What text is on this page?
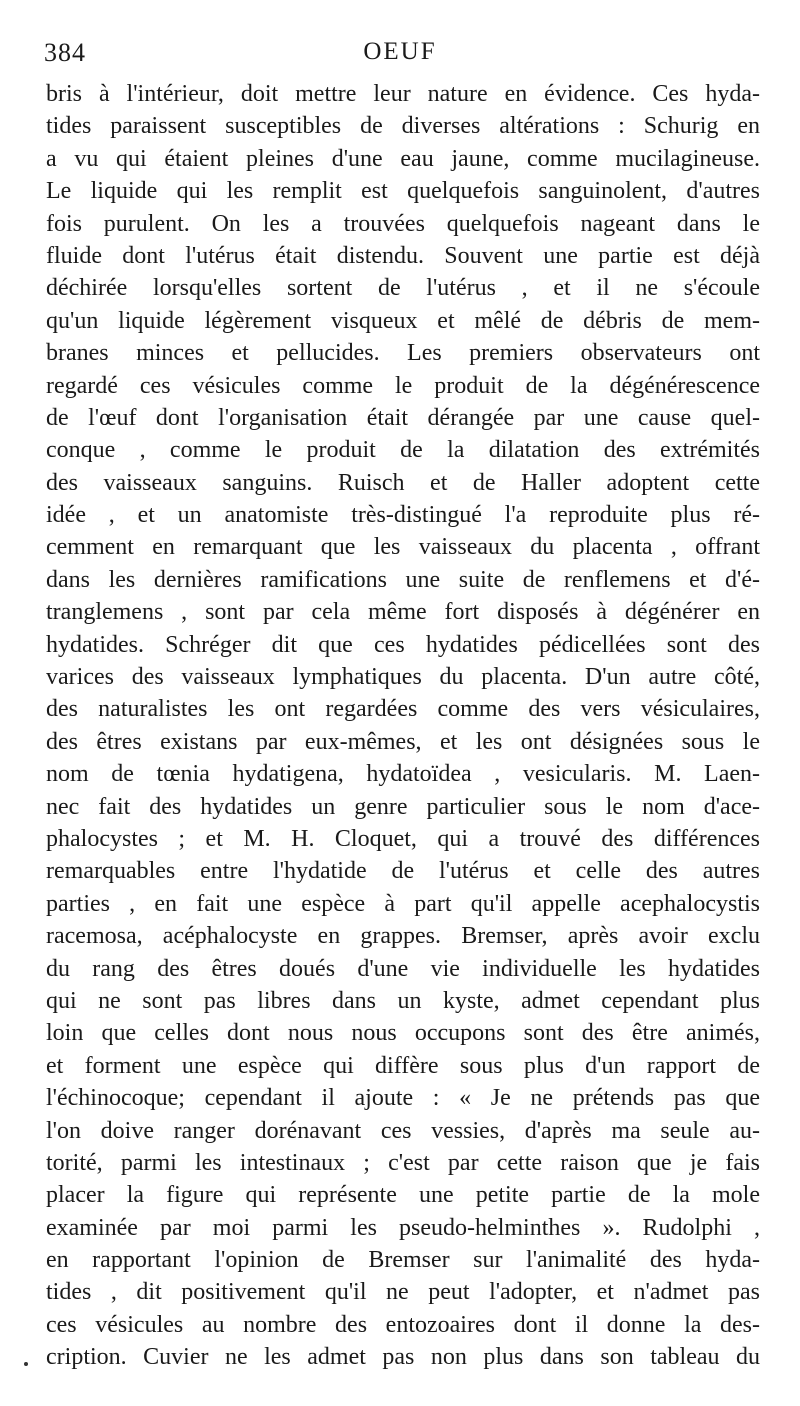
384	OEUF
bris à l'intérieur, doit mettre leur nature en évidence. Ces hyda-
tides paraissent susceptibles de diverses altérations : Schurig en
a vu qui étaient pleines d'une eau jaune, comme mucilagineuse.
Le liquide qui les remplit est quelquefois sanguinolent, d'autres
fois purulent. On les a trouvées quelquefois nageant dans le
fluide dont l'utérus était distendu. Souvent une partie est déjà
déchirée lorsqu'elles sortent de l'utérus , et il ne s'écoule
qu'un liquide légèrement visqueux et mêlé de débris de mem-
branes minces et pellucides. Les premiers observateurs ont
regardé ces vésicules comme le produit de la dégénérescence
de l'œuf dont l'organisation était dérangée par une cause quel-
conque , comme le produit de la dilatation des extrémités
des vaisseaux sanguins. Ruisch et de Haller adoptent cette
idée , et un anatomiste très-distingué l'a reproduite plus ré-
cemment en remarquant que les vaisseaux du placenta , offrant
dans les dernières ramifications une suite de renflemens et d'é-
tranglemens , sont par cela même fort disposés à dégénérer en
hydatides. Schréger dit que ces hydatides pédicellées sont des
varices des vaisseaux lymphatiques du placenta. D'un autre côté,
des naturalistes les ont regardées comme des vers vésiculaires,
des êtres existans par eux-mêmes, et les ont désignées sous le
nom de tœnia hydatigena, hydatoïdea , vesicularis. M. Laen-
nec fait des hydatides un genre particulier sous le nom d'ace-
phalocystes ; et M. H. Cloquet, qui a trouvé des différences
remarquables entre l'hydatide de l'utérus et celle des autres
parties , en fait une espèce à part qu'il appelle acephalocystis
racemosa, acéphalocyste en grappes. Bremser, après avoir exclu
du rang des êtres doués d'une vie individuelle les hydatides
qui ne sont pas libres dans un kyste, admet cependant plus
loin que celles dont nous nous occupons sont des être animés,
et forment une espèce qui diffère sous plus d'un rapport de
l'échinocoque; cependant il ajoute : « Je ne prétends pas que
l'on doive ranger dorénavant ces vessies, d'après ma seule au-
torité, parmi les intestinaux ; c'est par cette raison que je fais
placer la figure qui représente une petite partie de la mole
examinée par moi parmi les pseudo-helminthes ». Rudolphi ,
en rapportant l'opinion de Bremser sur l'animalité des hyda-
tides , dit positivement qu'il ne peut l'adopter, et n'admet pas
ces vésicules au nombre des entozoaires dont il donne la des-
cription. Cuvier ne les admet pas non plus dans son tableau du
